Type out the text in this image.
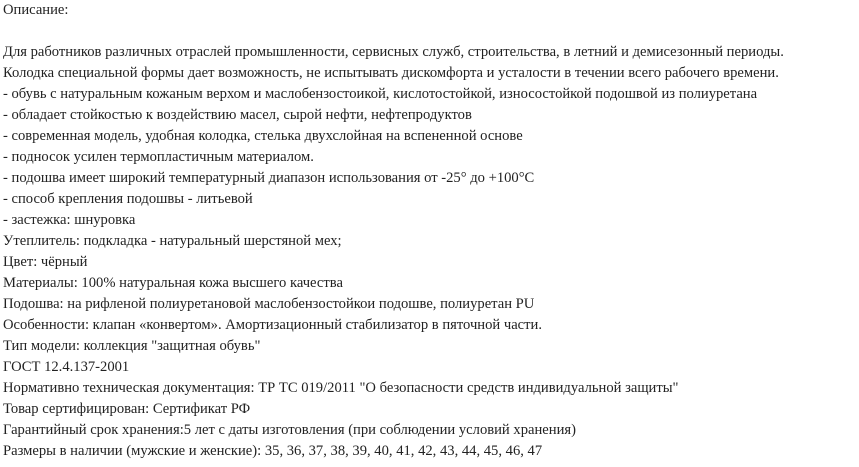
Описание:
Для работников различных отраслей промышленности, сервисных служб, строительства, в летний и демисезонный периоды.
Колодка специальной формы дает возможность, не испытывать дискомфорта и усталости в течении всего рабочего времени.
- обувь с натуральным кожаным верхом и маслобензостоикой, кислотостойкой, износостойкой подошвой из полиуретана
- обладает стойкостью к воздействию масел, сырой нефти, нефтепродуктов
- современная модель, удобная колодка, стелька двухслойная на вспененной основе
- подносок усилен термопластичным материалом.
- подошва имеет широкий температурный диапазон использования от -25° до +100°С
- способ крепления подошвы - литьевой
- застежка: шнуровка
Утеплитель: подкладка - натуральный шерстяной мех;
Цвет: чёрный
Материалы: 100% натуральная кожа высшего качества
Подошва: на рифленой полиуретановой маслобензостойкои подошве, полиуретан PU
Особенности: клапан «конвертом». Амортизационный стабилизатор в пяточной части.
Тип модели: коллекция "защитная обувь"
ГОСТ 12.4.137-2001
Нормативно техническая документация: ТР ТС 019/2011 "О безопасности средств индивидуальной защиты"
Товар сертифицирован: Сертификат РФ
Гарантийный срок хранения:5 лет с даты изготовления (при соблюдении условий хранения)
Размеры в наличии (мужские и женские): 35, 36, 37, 38, 39, 40, 41, 42, 43, 44, 45, 46, 47
